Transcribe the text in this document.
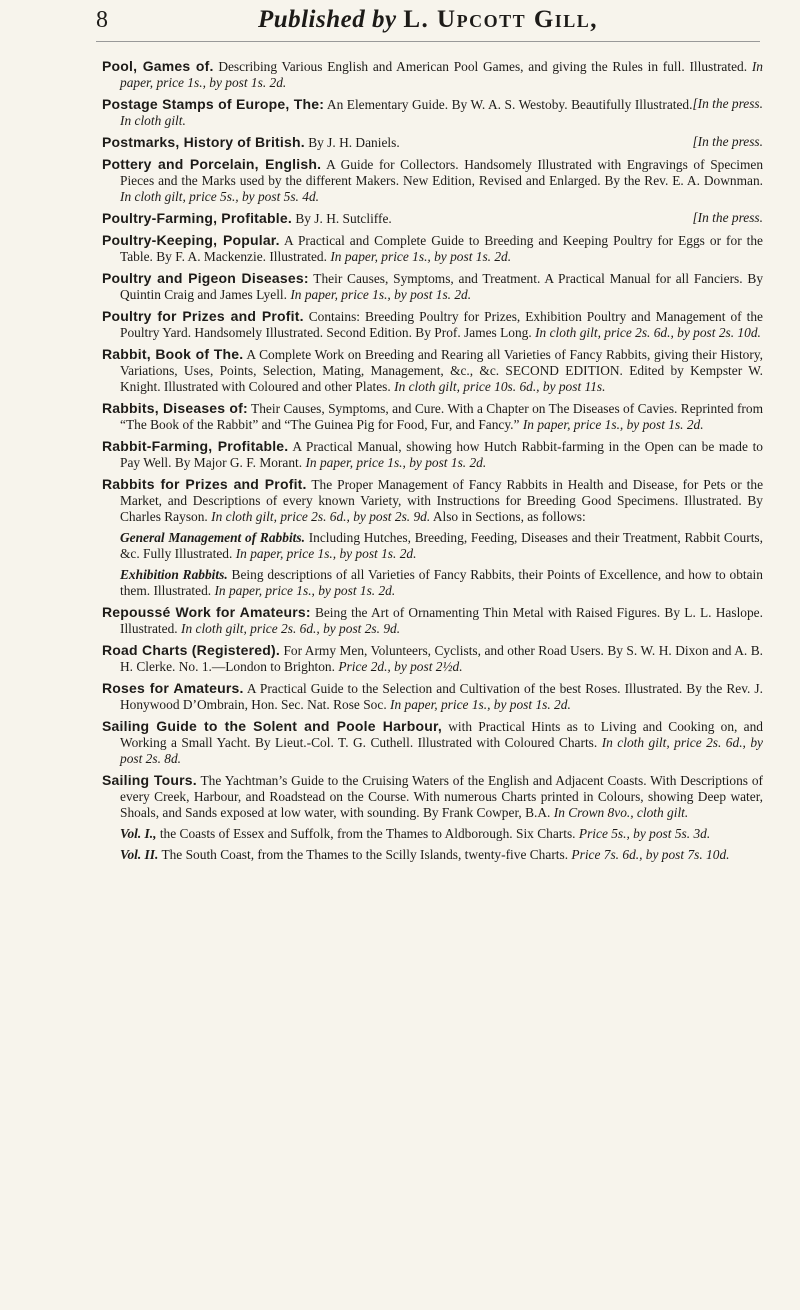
8	Published by L. Upcott Gill,
Pool, Games of. Describing Various English and American Pool Games, and giving the Rules in full. Illustrated. In paper, price 1s., by post 1s. 2d.
[In the press.
Postage Stamps of Europe, The: An Elementary Guide. By W. A. S. Westoby. Beautifully Illustrated. In cloth gilt.
[In the press.
Postmarks, History of British. By J. H. Daniels.
Pottery and Porcelain, English. A Guide for Collectors. Handsomely Illustrated with Engravings of Specimen Pieces and the Marks used by the different Makers. New Edition, Revised and Enlarged. By the Rev. E. A. Downman. In cloth gilt, price 5s., by post 5s. 4d.
[In the press.
Poultry-Farming, Profitable. By J. H. Sutcliffe.
Poultry-Keeping, Popular. A Practical and Complete Guide to Breeding and Keeping Poultry for Eggs or for the Table. By F. A. Mackenzie. Illustrated. In paper, price 1s., by post 1s. 2d.
Poultry and Pigeon Diseases: Their Causes, Symptoms, and Treatment. A Practical Manual for all Fanciers. By Quintin Craig and James Lyell. In paper, price 1s., by post 1s. 2d.
Poultry for Prizes and Profit. Contains: Breeding Poultry for Prizes, Exhibition Poultry and Management of the Poultry Yard. Handsomely Illustrated. Second Edition. By Prof. James Long. In cloth gilt, price 2s. 6d., by post 2s. 10d.
Rabbit, Book of The. A Complete Work on Breeding and Rearing all Varieties of Fancy Rabbits, giving their History, Variations, Uses, Points, Selection, Mating, Management, &c., &c. SECOND EDITION. Edited by Kempster W. Knight. Illustrated with Coloured and other Plates. In cloth gilt, price 10s. 6d., by post 11s.
Rabbits, Diseases of: Their Causes, Symptoms, and Cure. With a Chapter on The Diseases of Cavies. Reprinted from “The Book of the Rabbit” and “The Guinea Pig for Food, Fur, and Fancy.” In paper, price 1s., by post 1s. 2d.
Rabbit-Farming, Profitable. A Practical Manual, showing how Hutch Rabbit-farming in the Open can be made to Pay Well. By Major G. F. Morant. In paper, price 1s., by post 1s. 2d.
Rabbits for Prizes and Profit. The Proper Management of Fancy Rabbits in Health and Disease, for Pets or the Market, and Descriptions of every known Variety, with Instructions for Breeding Good Specimens. Illustrated. By Charles Rayson. In cloth gilt, price 2s. 6d., by post 2s. 9d. Also in Sections, as follows:
General Management of Rabbits. Including Hutches, Breeding, Feeding, Diseases and their Treatment, Rabbit Courts, &c. Fully Illustrated. In paper, price 1s., by post 1s. 2d.
Exhibition Rabbits. Being descriptions of all Varieties of Fancy Rabbits, their Points of Excellence, and how to obtain them. Illustrated. In paper, price 1s., by post 1s. 2d.
Repoussé Work for Amateurs: Being the Art of Ornamenting Thin Metal with Raised Figures. By L. L. Haslope. Illustrated. In cloth gilt, price 2s. 6d., by post 2s. 9d.
Road Charts (Registered). For Army Men, Volunteers, Cyclists, and other Road Users. By S. W. H. Dixon and A. B. H. Clerke. No. 1.—London to Brighton. Price 2d., by post 2½d.
Roses for Amateurs. A Practical Guide to the Selection and Cultivation of the best Roses. Illustrated. By the Rev. J. Honywood D’Ombrain, Hon. Sec. Nat. Rose Soc. In paper, price 1s., by post 1s. 2d.
Sailing Guide to the Solent and Poole Harbour, with Practical Hints as to Living and Cooking on, and Working a Small Yacht. By Lieut.-Col. T. G. Cuthell. Illustrated with Coloured Charts. In cloth gilt, price 2s. 6d., by post 2s. 8d.
Sailing Tours. The Yachtman’s Guide to the Cruising Waters of the English and Adjacent Coasts. With Descriptions of every Creek, Harbour, and Roadstead on the Course. With numerous Charts printed in Colours, showing Deep water, Shoals, and Sands exposed at low water, with sounding. By Frank Cowper, B.A. In Crown 8vo., cloth gilt.
Vol. I., the Coasts of Essex and Suffolk, from the Thames to Aldborough. Six Charts. Price 5s., by post 5s. 3d.
Vol. II. The South Coast, from the Thames to the Scilly Islands, twenty-five Charts. Price 7s. 6d., by post 7s. 10d.
